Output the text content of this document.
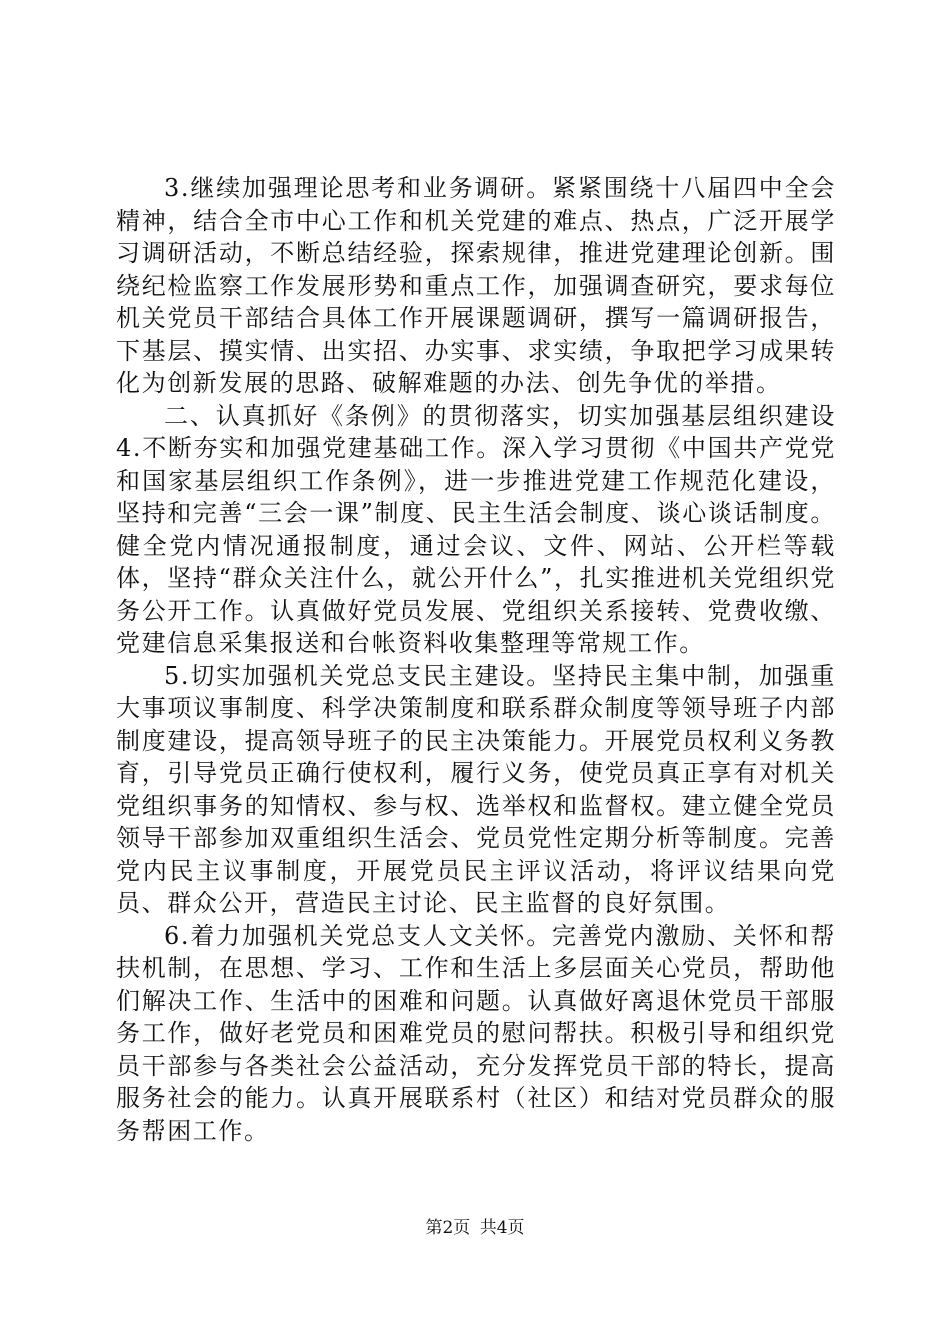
3.继续加强理论思考和业务调研。紧紧围绕十八届四中全会精神，结合全市中心工作和机关党建的难点、热点，广泛开展学习调研活动，不断总结经验，探索规律，推进党建理论创新。围绕纪检监察工作发展形势和重点工作，加强调查研究，要求每位机关党员干部结合具体工作开展课题调研，撰写一篇调研报告，下基层、摸实情、出实招、办实事、求实绩，争取把学习成果转化为创新发展的思路、破解难题的办法、创先争优的举措。

二、认真抓好《条例》的贯彻落实，切实加强基层组织建设4.不断夯实和加强党建基础工作。深入学习贯彻《中国共产党党和国家基层组织工作条例》，进一步推进党建工作规范化建设，坚持和完善“三会一课”制度、民主生活会制度、谈心谈话制度。健全党内情况通报制度，通过会议、文件、网站、公开栏等载体，坚持“群众关注什么，就公开什么”，扎实推进机关党组织党务公开工作。认真做好党员发展、党组织关系接转、党费收缴、党建信息采集报送和台帐资料收集整理等常规工作。

5.切实加强机关党总支民主建设。坚持民主集中制，加强重大事项议事制度、科学决策制度和联系群众制度等领导班子内部制度建设，提高领导班子的民主决策能力。开展党员权利义务教育，引导党员正确行使权利，履行义务，使党员真正享有对机关党组织事务的知情权、参与权、选举权和监督权。建立健全党员领导干部参加双重组织生活会、党员党性定期分析等制度。完善党内民主议事制度，开展党员民主评议活动，将评议结果向党员、群众公开，营造民主讨论、民主监督的良好氛围。

6.着力加强机关党总支人文关怀。完善党内激励、关怀和帮扶机制，在思想、学习、工作和生活上多层面关心党员，帮助他们解决工作、生活中的困难和问题。认真做好离退休党员干部服务工作，做好老党员和困难党员的慰问帮扶。积极引导和组织党员干部参与各类社会公益活动，充分发挥党员干部的特长，提高服务社会的能力。认真开展联系村（社区）和结对党员群众的服务帮困工作。

第2页 共4页
